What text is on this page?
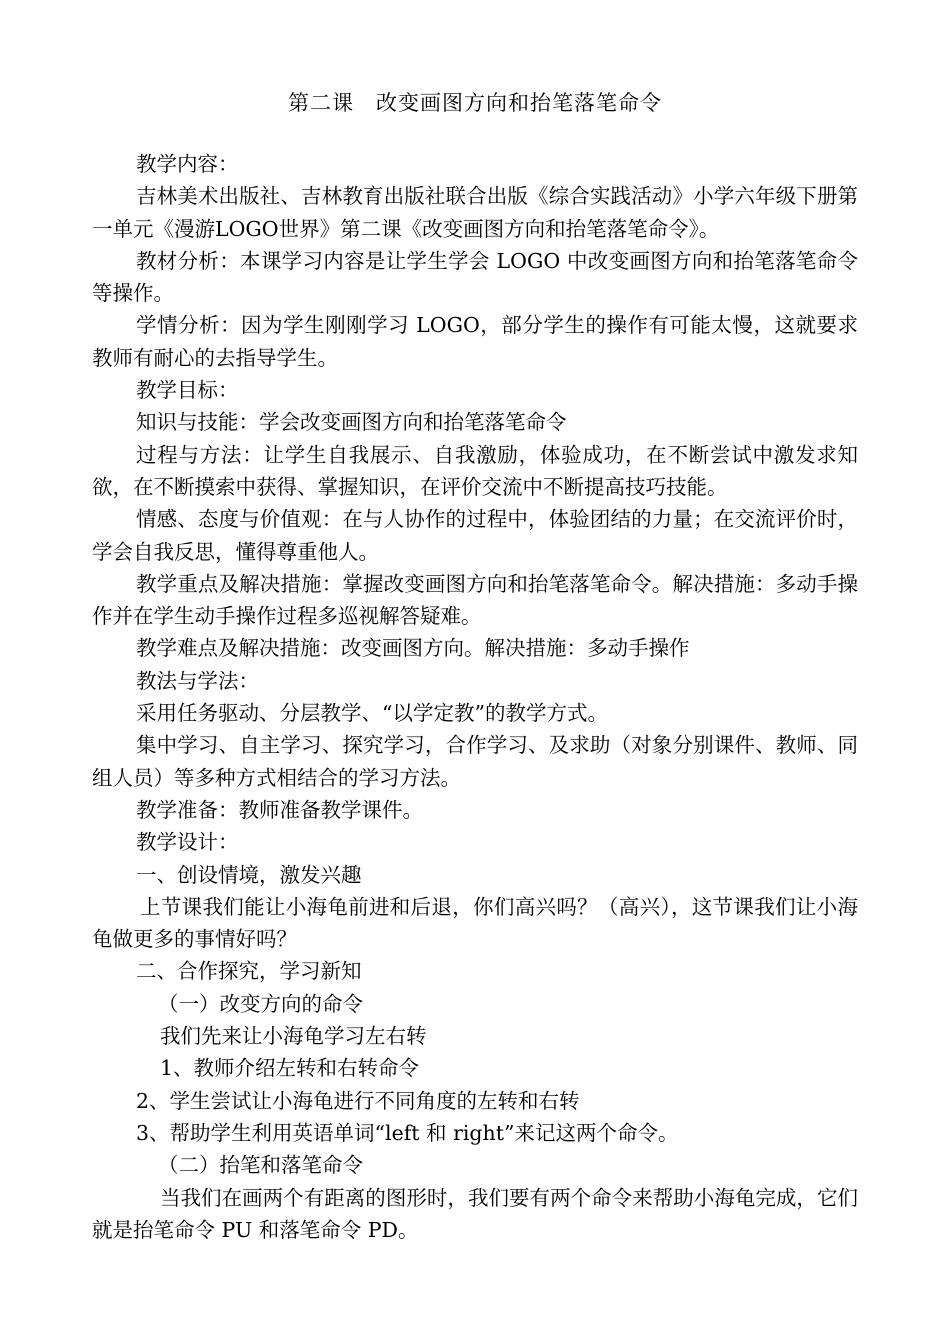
第二课　改变画图方向和抬笔落笔命令

教学内容：

吉林美术出版社、吉林教育出版社联合出版《综合实践活动》小学六年级下册第一单元《漫游LOGO世界》第二课《改变画图方向和抬笔落笔命令》。

教材分析：本课学习内容是让学生学会 LOGO 中改变画图方向和抬笔落笔命令等操作。

学情分析：因为学生刚刚学习 LOGO，部分学生的操作有可能太慢，这就要求教师有耐心的去指导学生。

教学目标：

知识与技能：学会改变画图方向和抬笔落笔命令

过程与方法：让学生自我展示、自我激励，体验成功，在不断尝试中激发求知欲，在不断摸索中获得、掌握知识，在评价交流中不断提高技巧技能。

情感、态度与价值观：在与人协作的过程中，体验团结的力量；在交流评价时，学会自我反思，懂得尊重他人。

教学重点及解决措施：掌握改变画图方向和抬笔落笔命令。解决措施：多动手操作并在学生动手操作过程多巡视解答疑难。

教学难点及解决措施：改变画图方向。解决措施：多动手操作

教法与学法：

采用任务驱动、分层教学、“以学定教”的教学方式。

集中学习、自主学习、探究学习，合作学习、及求助（对象分别课件、教师、同组人员）等多种方式相结合的学习方法。

教学准备：教师准备教学课件。

教学设计：

一、创设情境，激发兴趣

上节课我们能让小海龟前进和后退，你们高兴吗？（高兴），这节课我们让小海龟做更多的事情好吗？

二、合作探究，学习新知

（一）改变方向的命令

我们先来让小海龟学习左右转

1、教师介绍左转和右转命令

2、学生尝试让小海龟进行不同角度的左转和右转

3、帮助学生利用英语单词“left 和 right”来记这两个命令。

（二）抬笔和落笔命令

当我们在画两个有距离的图形时，我们要有两个命令来帮助小海龟完成，它们就是抬笔命令 PU 和落笔命令 PD。
